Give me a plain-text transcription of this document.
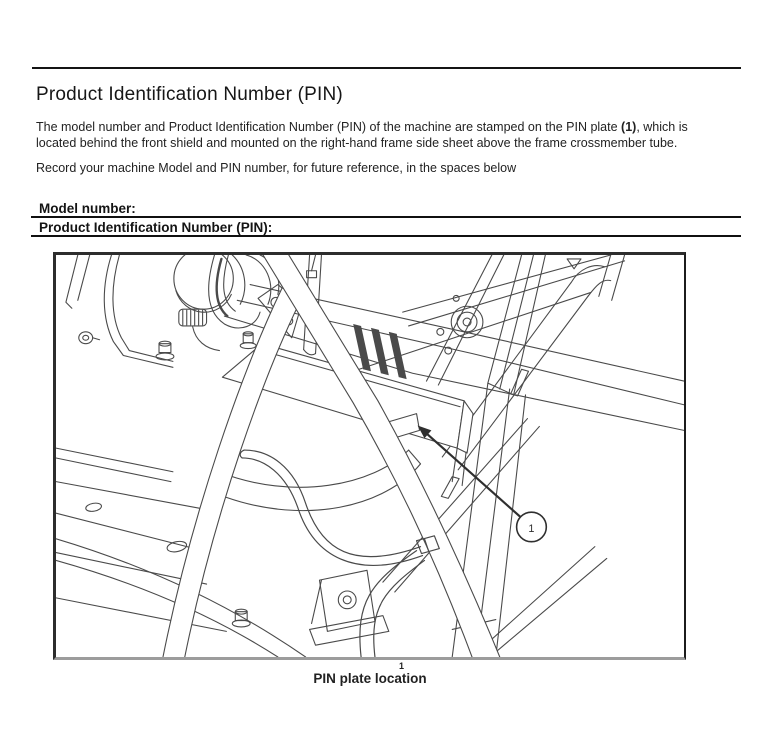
Product Identification Number (PIN)

The model number and Product Identification Number (PIN) of the machine are stamped on the PIN plate (1), which is located behind the front shield and mounted on the right-hand frame side sheet above the frame crossmember tube.

Record your machine Model and PIN number, for future reference, in the spaces below

Model number:
Product Identification Number (PIN):
1
1
PIN plate location
